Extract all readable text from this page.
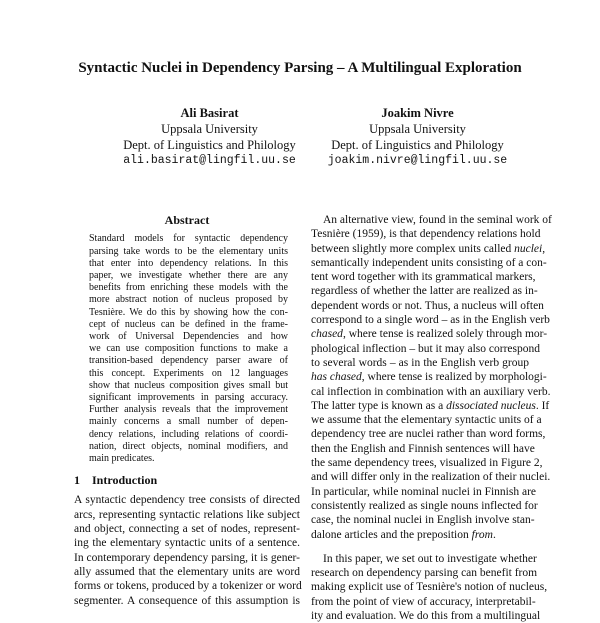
Syntactic Nuclei in Dependency Parsing – A Multilingual Exploration
Ali Basirat
Uppsala University
Dept. of Linguistics and Philology
ali.basirat@lingfil.uu.se
Joakim Nivre
Uppsala University
Dept. of Linguistics and Philology
joakim.nivre@lingfil.uu.se
Abstract
Standard models for syntactic dependency
parsing take words to be the elementary units
that enter into dependency relations. In this
paper, we investigate whether there are any
benefits from enriching these models with the
more abstract notion of nucleus proposed by
Tesnière. We do this by showing how the con-
cept of nucleus can be defined in the frame-
work of Universal Dependencies and how
we can use composition functions to make a
transition-based dependency parser aware of
this concept. Experiments on 12 languages
show that nucleus composition gives small but
significant improvements in parsing accuracy.
Further analysis reveals that the improvement
mainly concerns a small number of depen-
dency relations, including relations of coordi-
nation, direct objects, nominal modifiers, and
main predicates.
1 Introduction
A syntactic dependency tree consists of directed
arcs, representing syntactic relations like subject
and object, connecting a set of nodes, represent-
ing the elementary syntactic units of a sentence.
In contemporary dependency parsing, it is gener-
ally assumed that the elementary units are word
forms or tokens, produced by a tokenizer or word
segmenter. A consequence of this assumption is
An alternative view, found in the seminal work of
Tesnière (1959), is that dependency relations hold
between slightly more complex units called nuclei,
semantically independent units consisting of a con-
tent word together with its grammatical markers,
regardless of whether the latter are realized as in-
dependent words or not. Thus, a nucleus will often
correspond to a single word – as in the English verb
chased, where tense is realized solely through mor-
phological inflection – but it may also correspond
to several words – as in the English verb group
has chased, where tense is realized by morphologi-
cal inflection in combination with an auxiliary verb.
The latter type is known as a dissociated nucleus. If
we assume that the elementary syntactic units of a
dependency tree are nuclei rather than word forms,
then the English and Finnish sentences will have
the same dependency trees, visualized in Figure 2,
and will differ only in the realization of their nuclei.
In particular, while nominal nuclei in Finnish are
consistently realized as single nouns inflected for
case, the nominal nuclei in English involve stan-
dalone articles and the preposition from.
In this paper, we set out to investigate whether
research on dependency parsing can benefit from
making explicit use of Tesnière's notion of nucleus,
from the point of view of accuracy, interpretabil-
ity and evaluation. We do this from a multilingual
